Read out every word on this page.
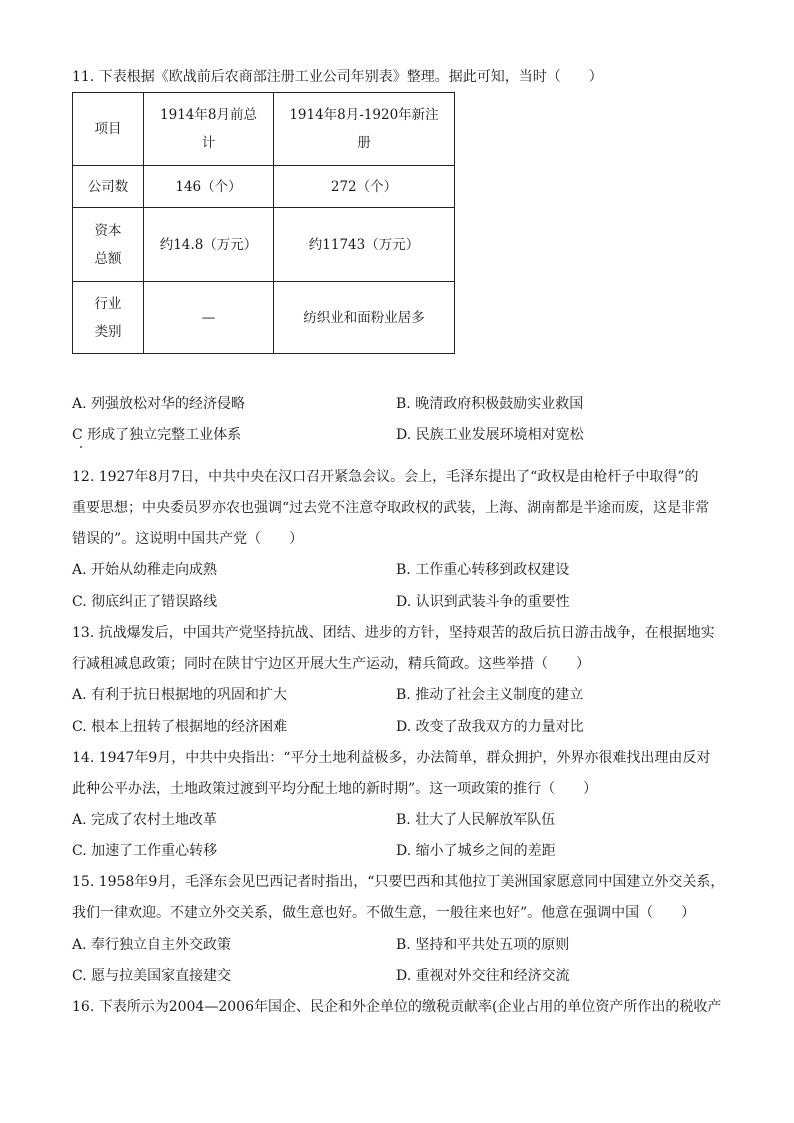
11. 下表根据《欧战前后农商部注册工业公司年别表》整理。据此可知，当时（　　）
项目	1914年8月前总计	1914年8月-1920年新注册
公司数	146（个）	272（个）
资本总额	约14.8（万元）	约11743（万元）
行业类别	—	纺织业和面粉业居多
A. 列强放松对华的经济侵略	B. 晚清政府积极鼓励实业救国
C 形成了独立完整工业体系	D. 民族工业发展环境相对宽松
12. 1927年8月7日，中共中央在汉口召开紧急会议。会上，毛泽东提出了“政权是由枪杆子中取得”的
重要思想；中央委员罗亦农也强调“过去党不注意夺取政权的武装，上海、湖南都是半途而废，这是非常
错误的”。这说明中国共产党（　　）
A. 开始从幼稚走向成熟	B. 工作重心转移到政权建设
C. 彻底纠正了错误路线	D. 认识到武装斗争的重要性
13. 抗战爆发后，中国共产党坚持抗战、团结、进步的方针，坚持艰苦的敌后抗日游击战争，在根据地实
行减租减息政策；同时在陕甘宁边区开展大生产运动，精兵简政。这些举措（　　）
A. 有利于抗日根据地的巩固和扩大	B. 推动了社会主义制度的建立
C. 根本上扭转了根据地的经济困难	D. 改变了敌我双方的力量对比
14. 1947年9月，中共中央指出：“平分土地利益极多，办法简单，群众拥护，外界亦很难找出理由反对
此种公平办法，土地政策过渡到平均分配土地的新时期”。这一项政策的推行（　　）
A. 完成了农村土地改革	B. 壮大了人民解放军队伍
C. 加速了工作重心转移	D. 缩小了城乡之间的差距
15. 1958年9月，毛泽东会见巴西记者时指出，“只要巴西和其他拉丁美洲国家愿意同中国建立外交关系，
我们一律欢迎。不建立外交关系，做生意也好。不做生意，一般往来也好”。他意在强调中国（　　）
A. 奉行独立自主外交政策	B. 坚持和平共处五项的原则
C. 愿与拉美国家直接建交	D. 重视对外交往和经济交流
16. 下表所示为2004—2006年国企、民企和外企单位的缴税贡献率(企业占用的单位资产所作出的税收产
